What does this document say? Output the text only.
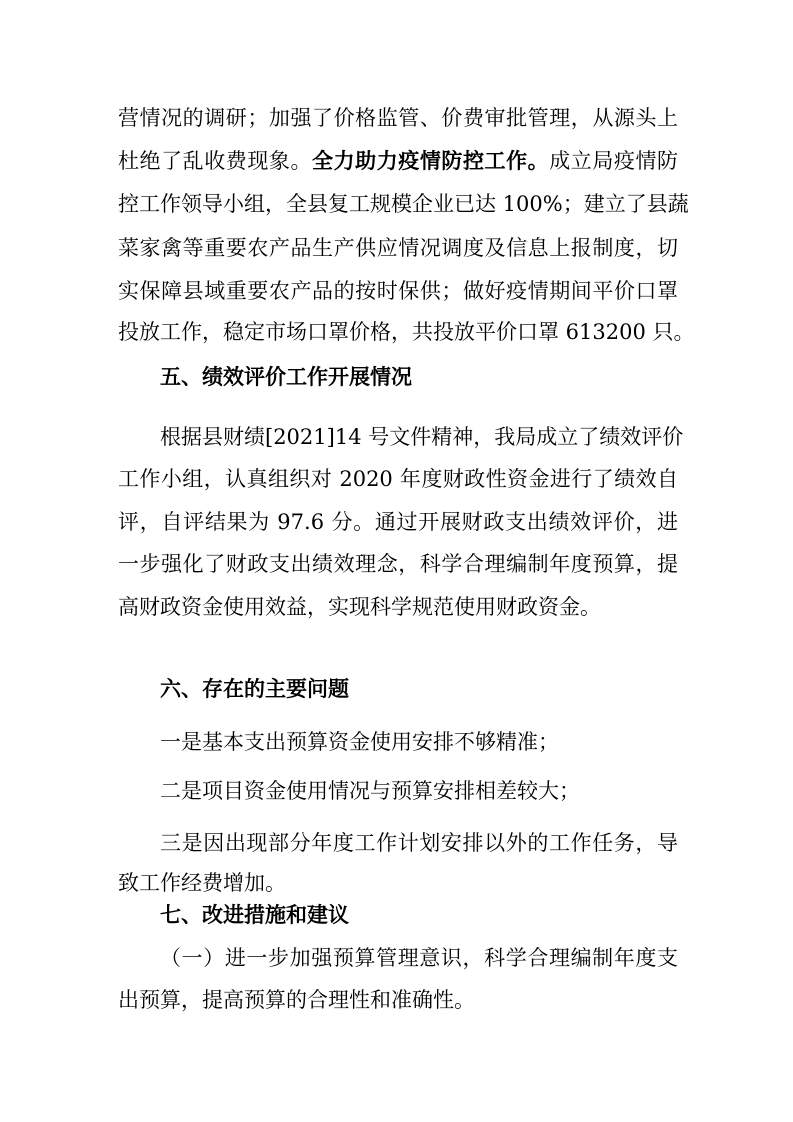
营情况的调研；加强了价格监管、价费审批管理，从源头上
杜绝了乱收费现象。全力助力疫情防控工作。成立局疫情防
控工作领导小组，全县复工规模企业已达 100%；建立了县蔬
菜家禽等重要农产品生产供应情况调度及信息上报制度，切
实保障县域重要农产品的按时保供；做好疫情期间平价口罩
投放工作，稳定市场口罩价格，共投放平价口罩 613200 只。
五、绩效评价工作开展情况
根据县财绩[2021]14 号文件精神，我局成立了绩效评价
工作小组，认真组织对 2020 年度财政性资金进行了绩效自
评，自评结果为 97.6 分。通过开展财政支出绩效评价，进
一步强化了财政支出绩效理念，科学合理编制年度预算，提
高财政资金使用效益，实现科学规范使用财政资金。
六、存在的主要问题
一是基本支出预算资金使用安排不够精准；
二是项目资金使用情况与预算安排相差较大；
三是因出现部分年度工作计划安排以外的工作任务，导
致工作经费增加。
七、改进措施和建议
（一）进一步加强预算管理意识，科学合理编制年度支
出预算，提高预算的合理性和准确性。
